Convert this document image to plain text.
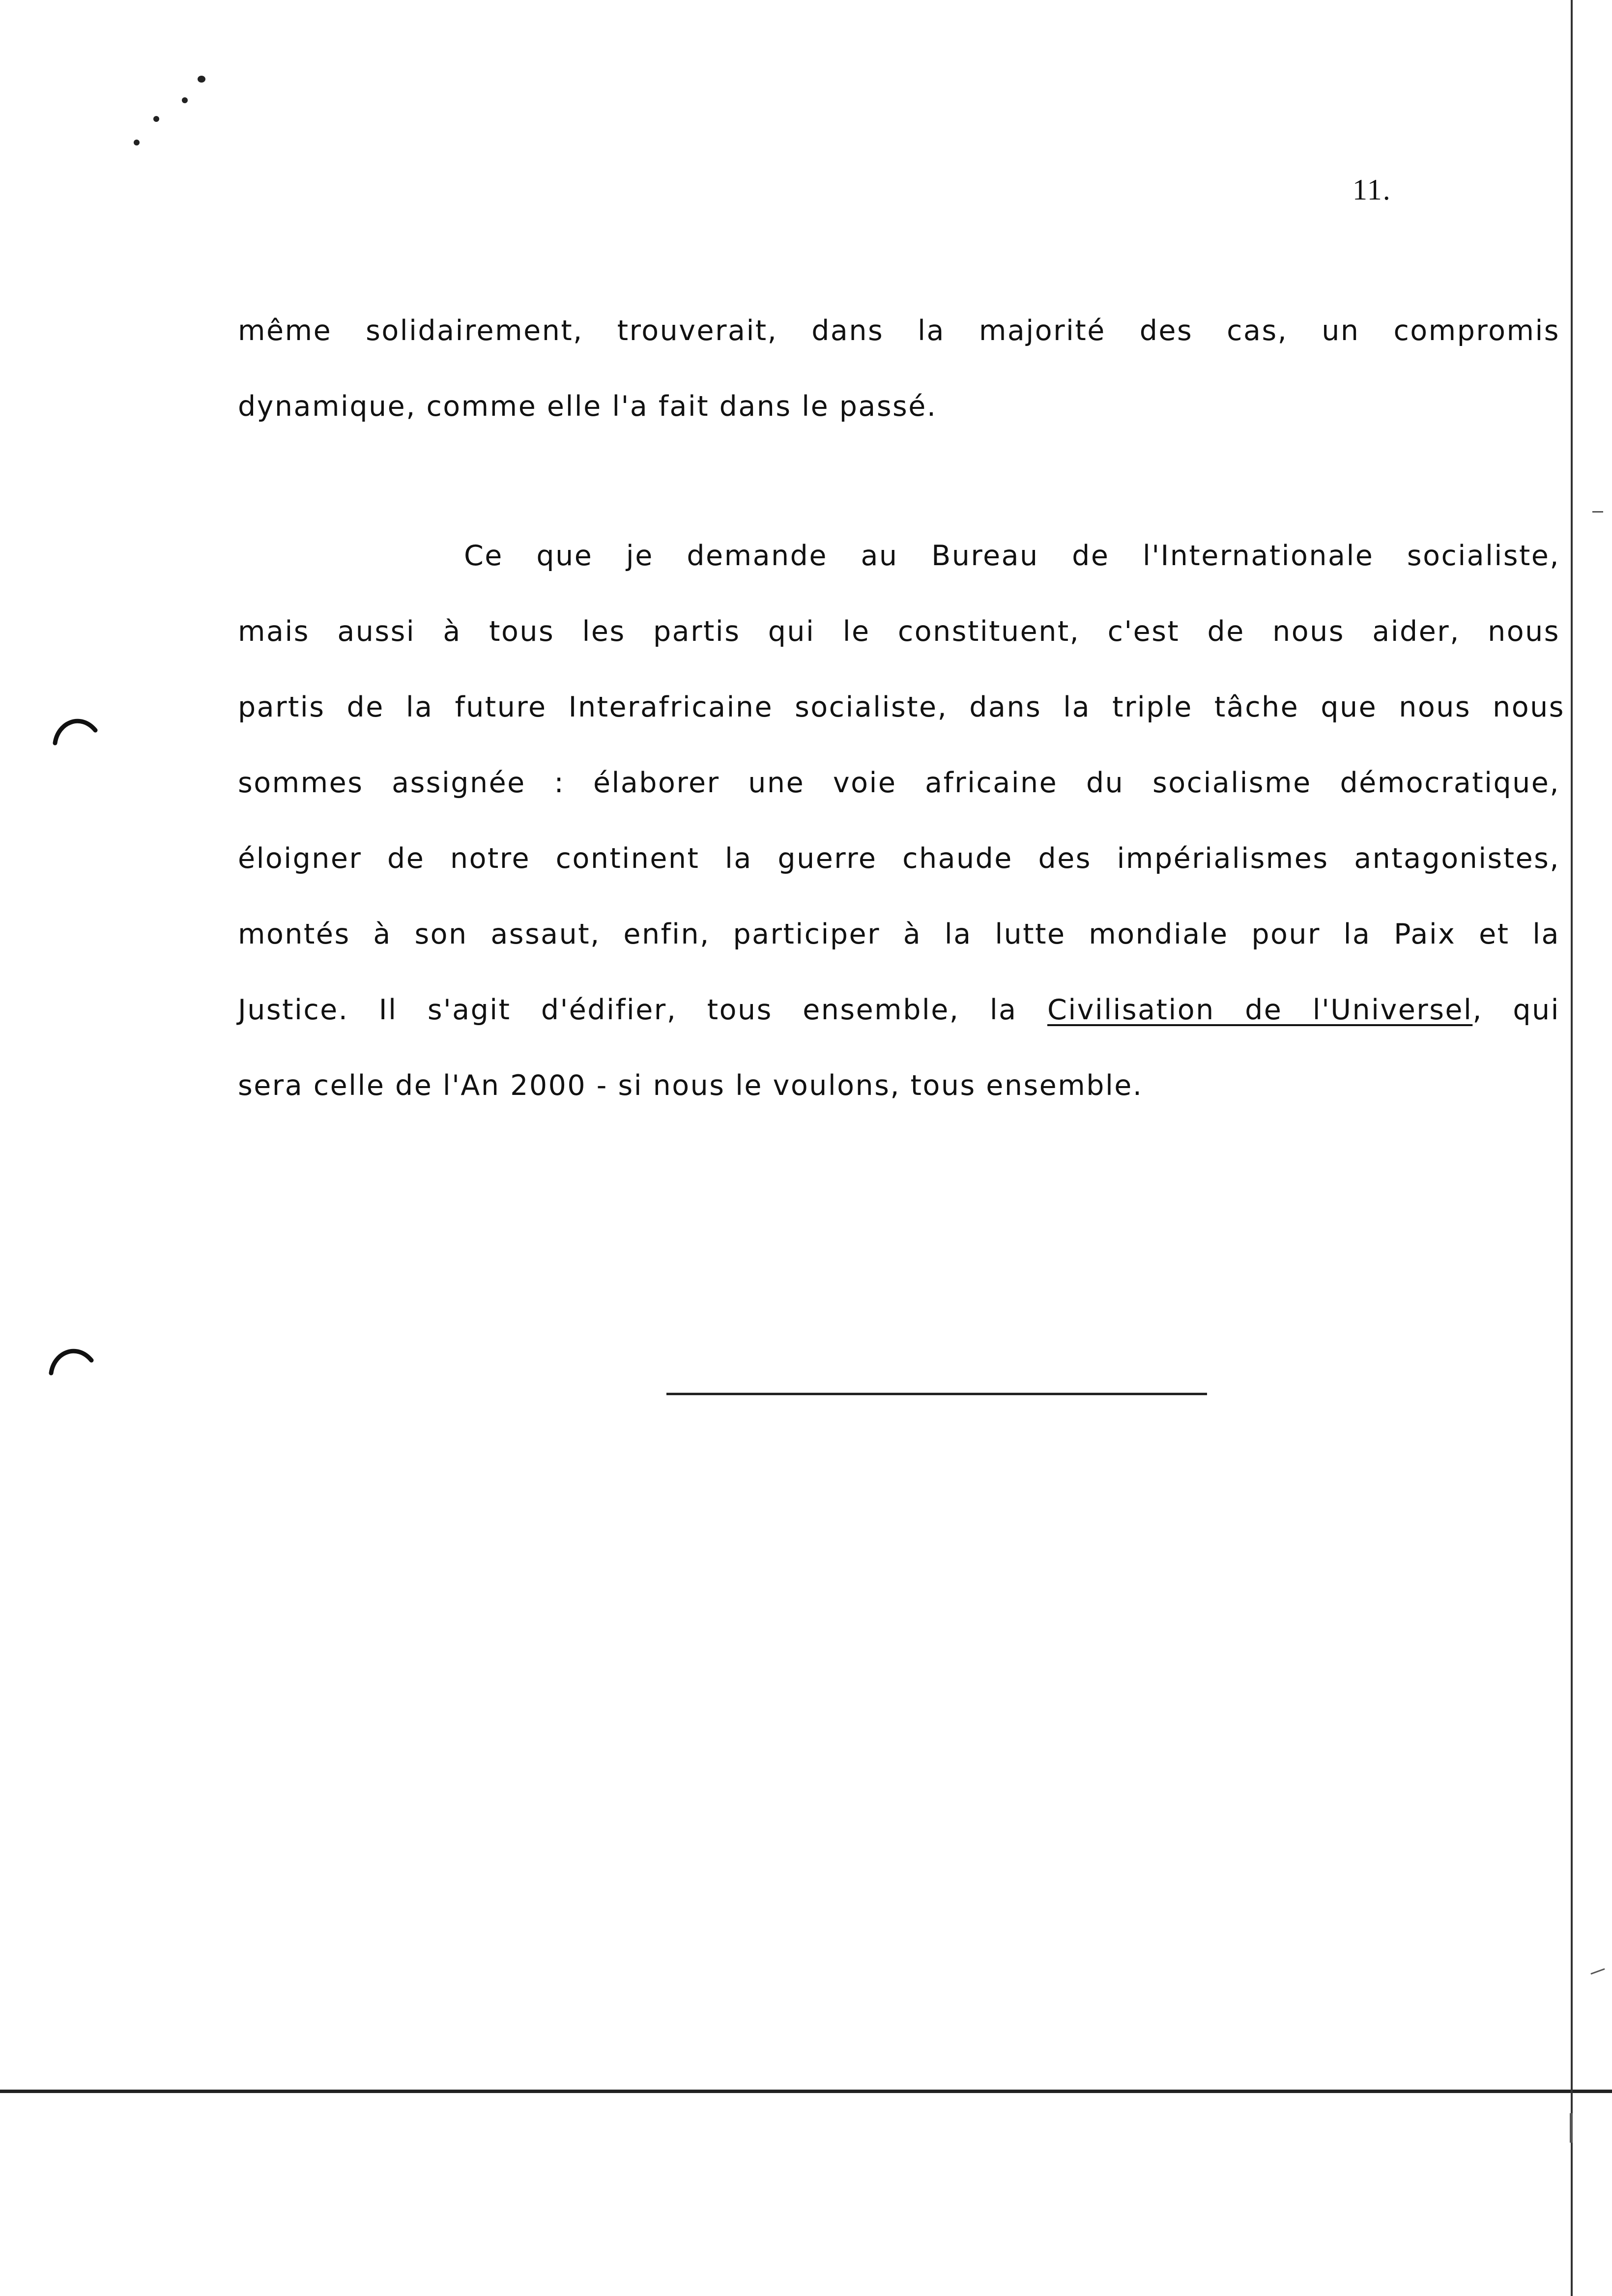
11.
même solidairement, trouverait, dans la majorité des cas, un compromis
dynamique, comme elle l'a fait dans le passé.
Ce que je demande au Bureau de l'Internationale socialiste,
mais aussi à tous les partis qui le constituent, c'est de nous aider, nous
partis de la future Interafricaine socialiste, dans la triple tâche que nous nous
sommes assignée : élaborer une voie africaine du socialisme démocratique,
éloigner de notre continent la guerre chaude des impérialismes antagonistes,
montés à son assaut, enfin, participer à la lutte mondiale pour la Paix et la
Justice. Il s'agit d'édifier, tous ensemble, la Civilisation de l'Universel, qui
sera celle de l'An 2000 - si nous le voulons, tous ensemble.
